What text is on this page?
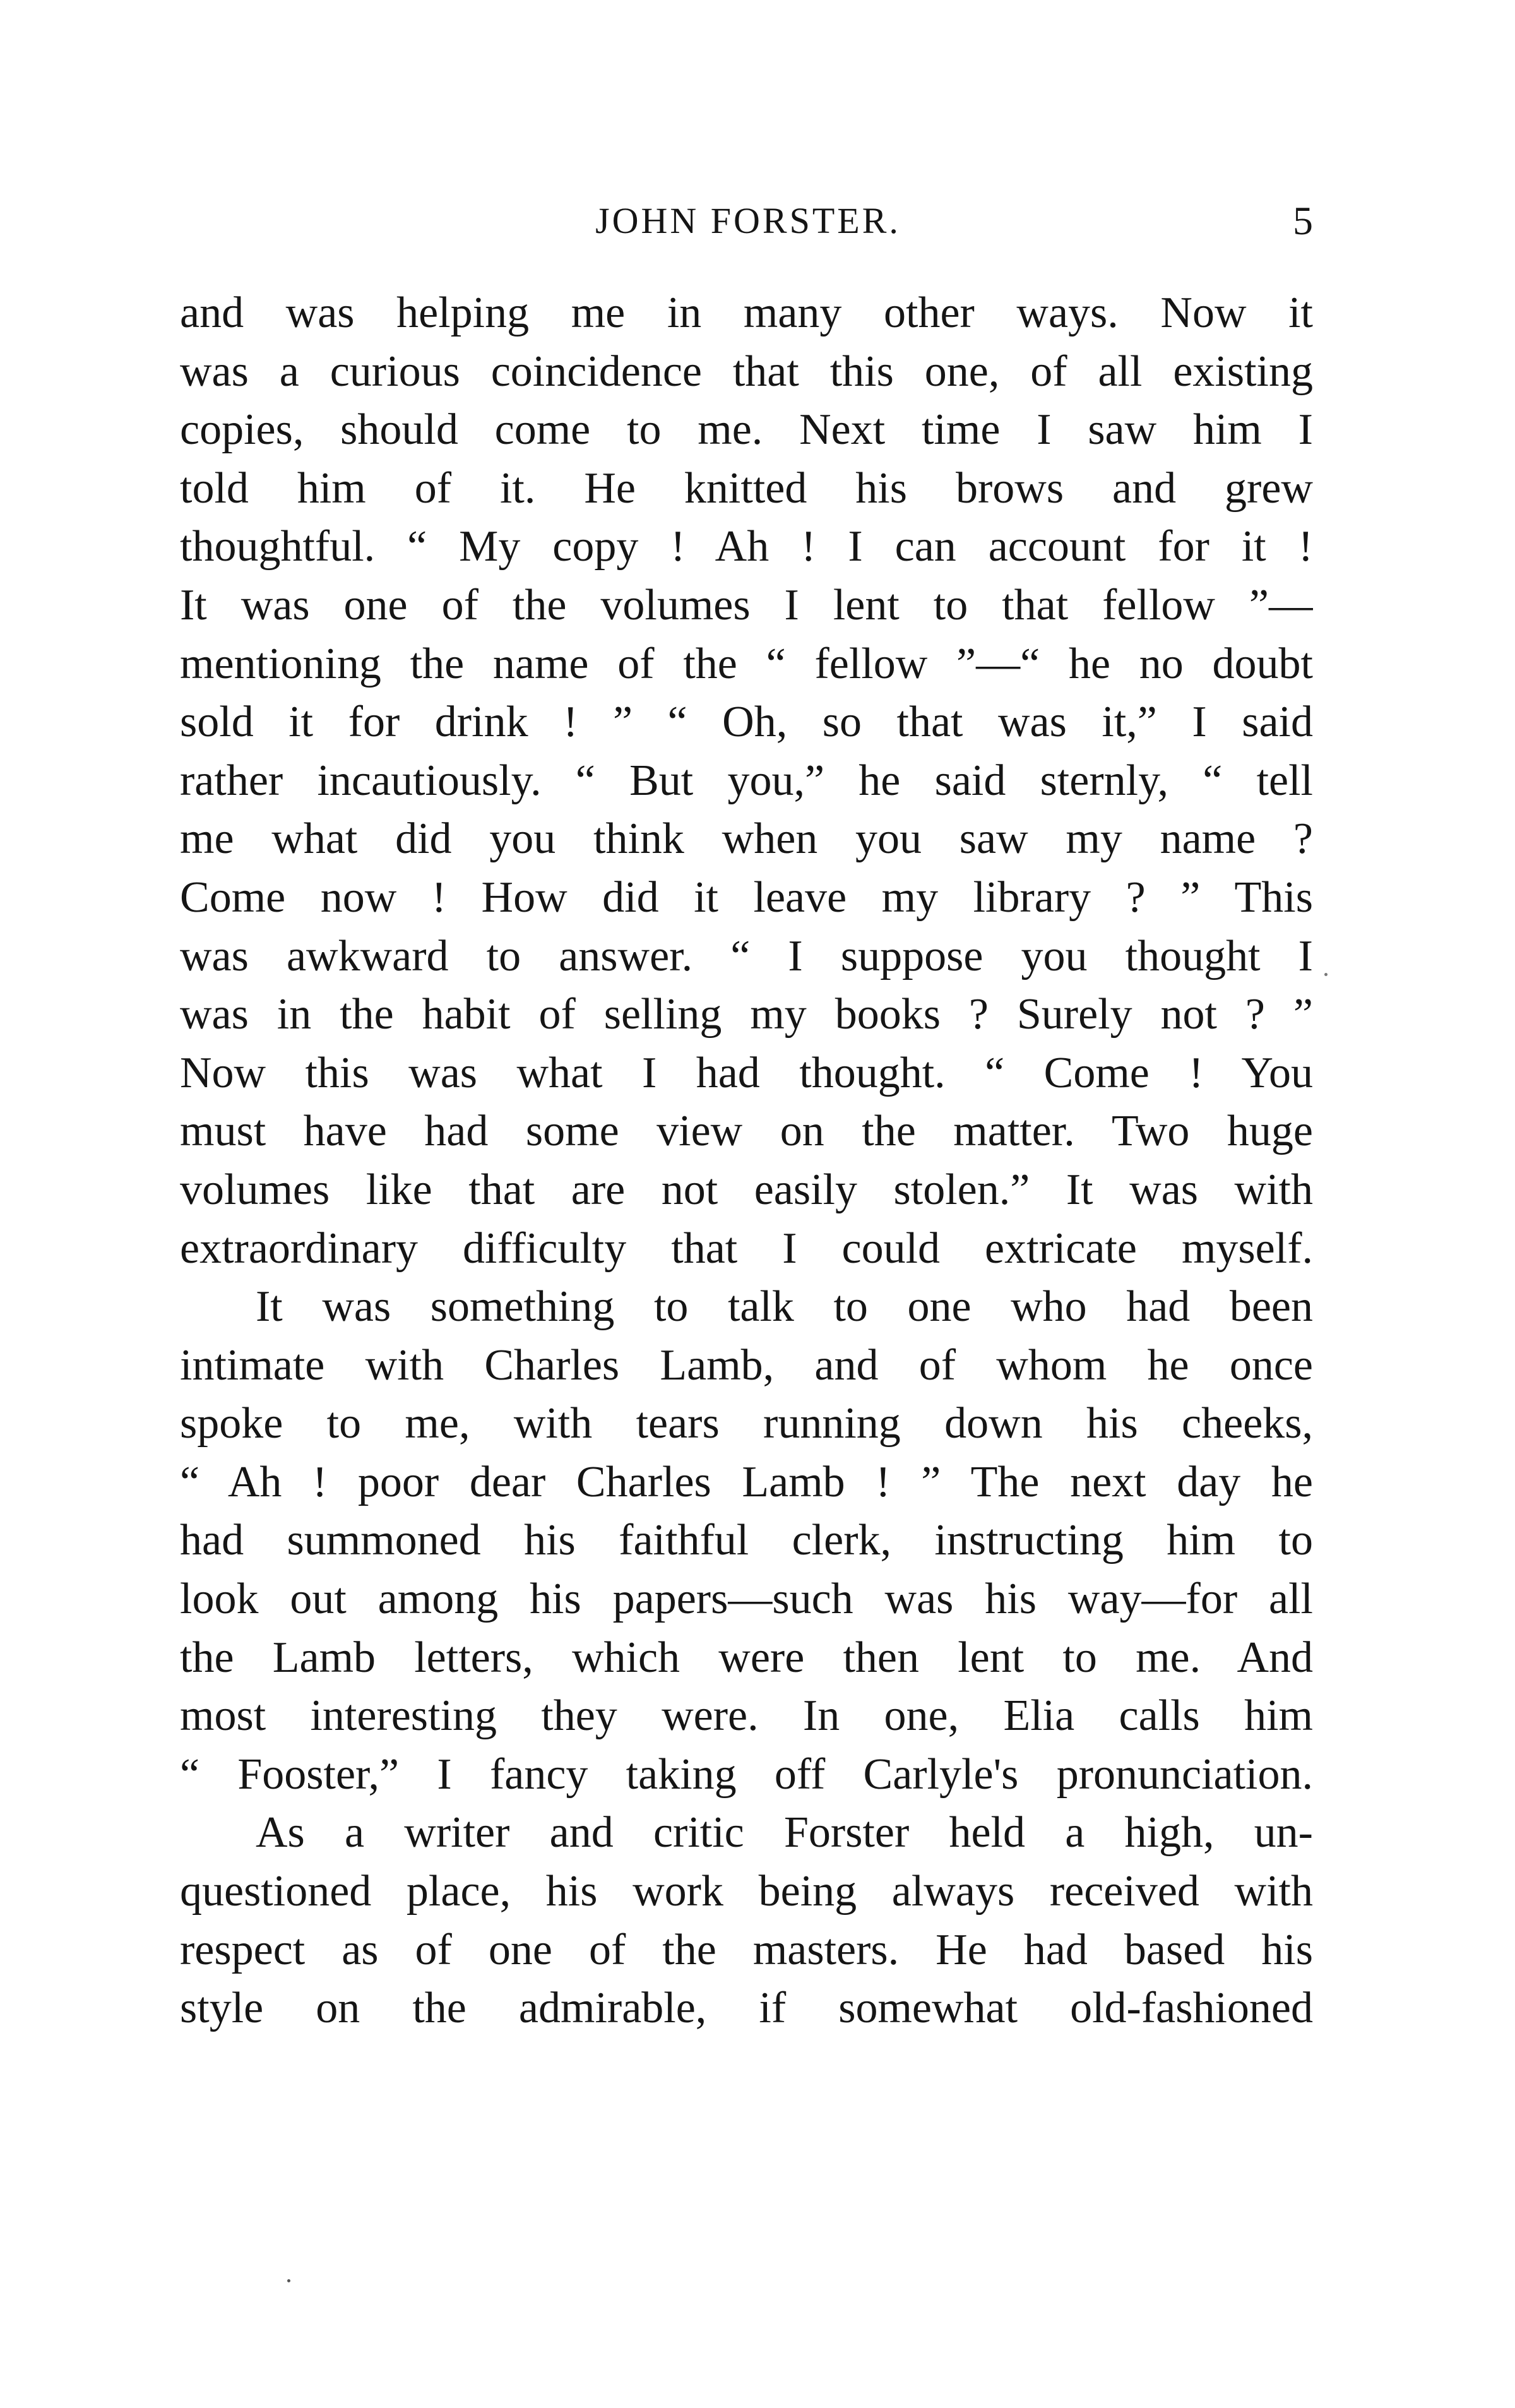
JOHN FORSTER.	5
and was helping me in many other ways. Now it
was a curious coincidence that this one, of all existing
copies, should come to me. Next time I saw him I
told him of it. He knitted his brows and grew
thoughtful. “ My copy ! Ah ! I can account for it !
It was one of the volumes I lent to that fellow ”—
mentioning the name of the “ fellow ”—“ he no doubt
sold it for drink ! ” “ Oh, so that was it,” I said
rather incautiously. “ But you,” he said sternly, “ tell
me what did you think when you saw my name ?
Come now ! How did it leave my library ? ” This
was awkward to answer. “ I suppose you thought I
was in the habit of selling my books ? Surely not ? ”
Now this was what I had thought. “ Come ! You
must have had some view on the matter. Two huge
volumes like that are not easily stolen.” It was with
extraordinary difficulty that I could extricate myself.
It was something to talk to one who had been
intimate with Charles Lamb, and of whom he once
spoke to me, with tears running down his cheeks,
“ Ah ! poor dear Charles Lamb ! ” The next day he
had summoned his faithful clerk, instructing him to
look out among his papers—such was his way—for all
the Lamb letters, which were then lent to me. And
most interesting they were. In one, Elia calls him
“ Fooster,” I fancy taking off Carlyle's pronunciation.
As a writer and critic Forster held a high, un-
questioned place, his work being always received with
respect as of one of the masters. He had based his
style on the admirable, if somewhat old-fashioned
